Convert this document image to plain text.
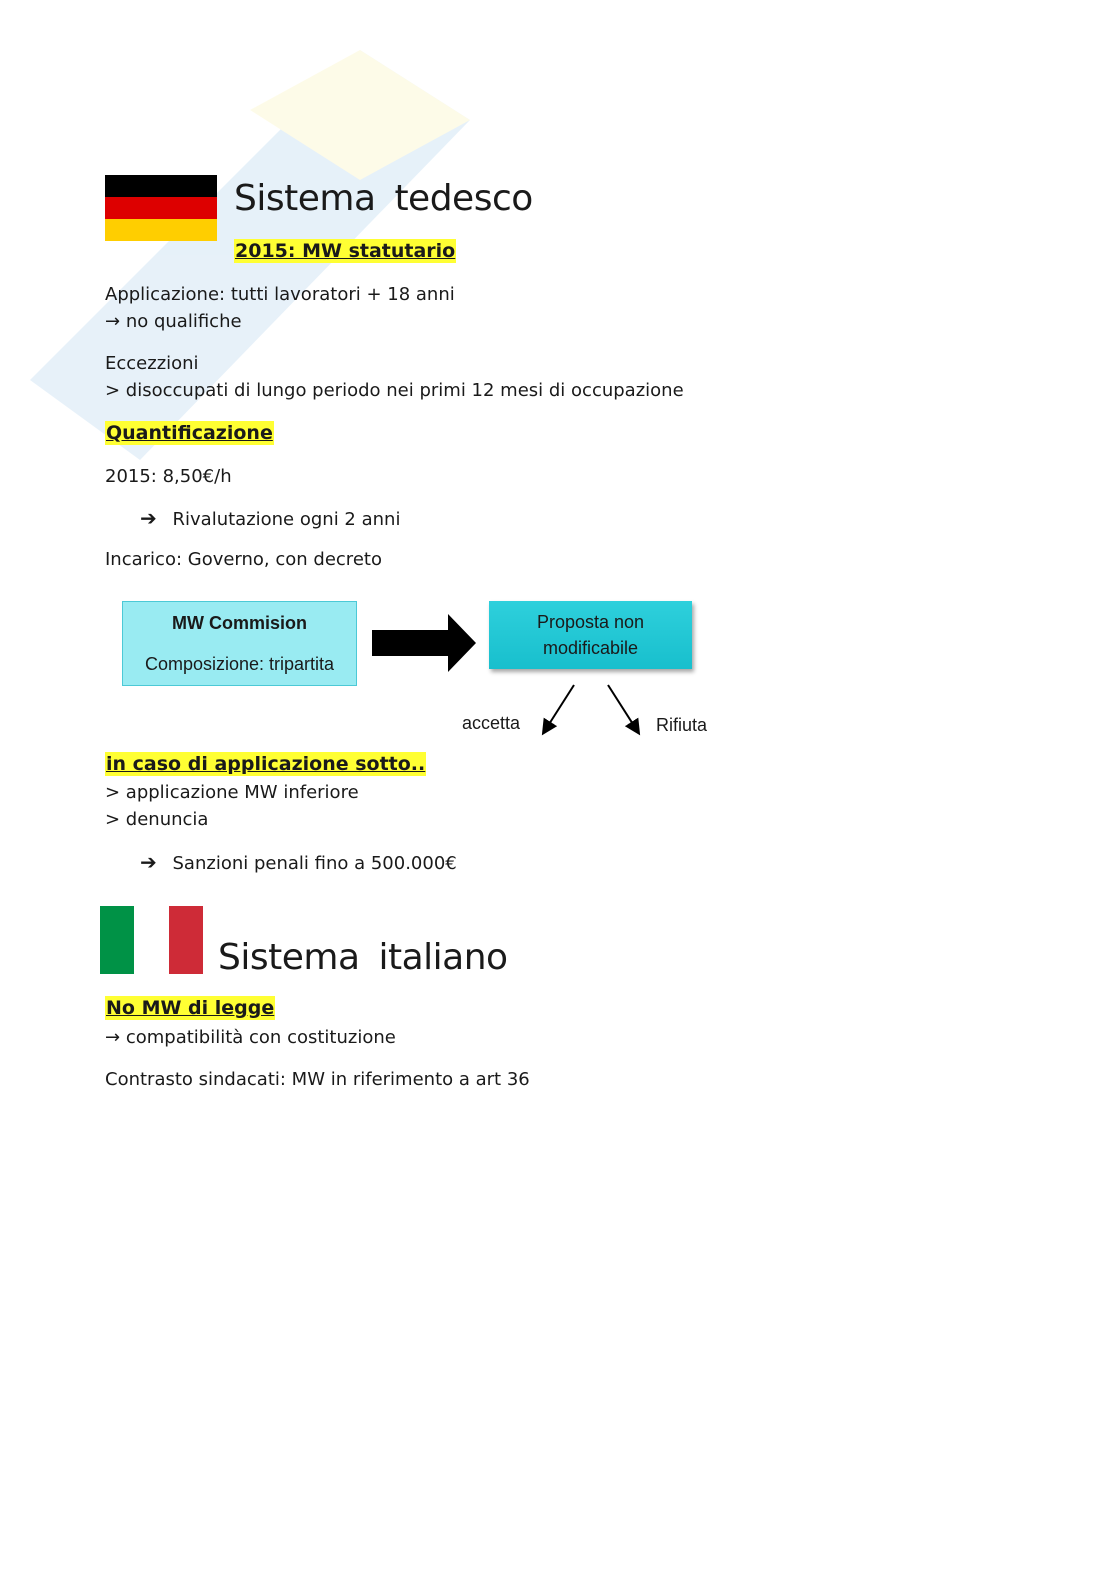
Sistema tedesco
2015: MW statutario
Applicazione: tutti lavoratori + 18 anni
→ no qualifiche
Eccezzioni
> disoccupati di lungo periodo nei primi 12 mesi di occupazione
Quantificazione
2015: 8,50€/h
➔ Rivalutazione ogni 2 anni
Incarico: Governo, con decreto
MW Commision
Composizione: tripartita
Proposta non modificabile
accetta	Rifiuta
in caso di applicazione sotto..
> applicazione MW inferiore
> denuncia
➔ Sanzioni penali fino a 500.000€
Sistema italiano
No MW di legge
→ compatibilità con costituzione
Contrasto sindacati: MW in riferimento a art 36
